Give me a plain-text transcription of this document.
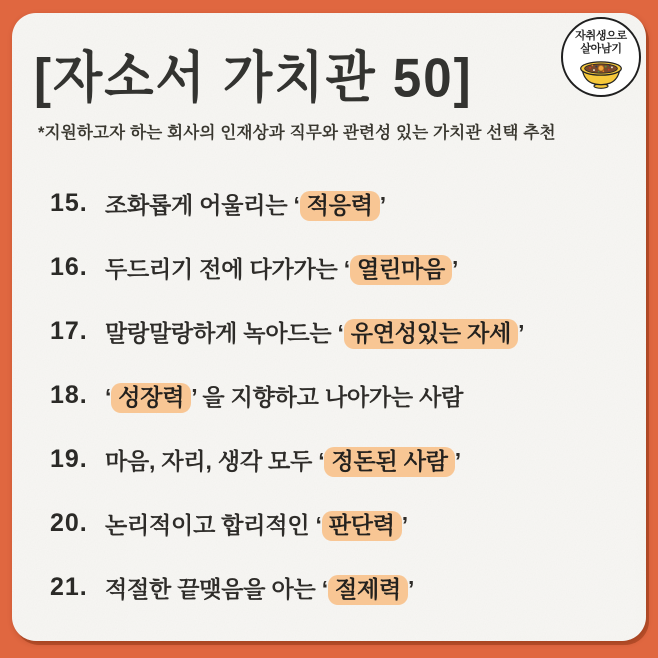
[자소서 가치관 50]
자취생으로
살아남기

*지원하고자 하는 회사의 인재상과 직무와 관련성 있는 가치관 선택 추천

15. 조화롭게 어울리는 ‘ 적응력 ’
16. 두드리기 전에 다가가는 ‘ 열린마음 ’
17. 말랑말랑하게 녹아드는 ‘ 유연성있는 자세 ’
18. ‘ 성장력 ’ 을 지향하고 나아가는 사람
19. 마음, 자리, 생각 모두 ‘ 정돈된 사람 ’
20. 논리적이고 합리적인 ‘ 판단력 ’
21. 적절한 끝맺음을 아는 ‘ 절제력 ’
